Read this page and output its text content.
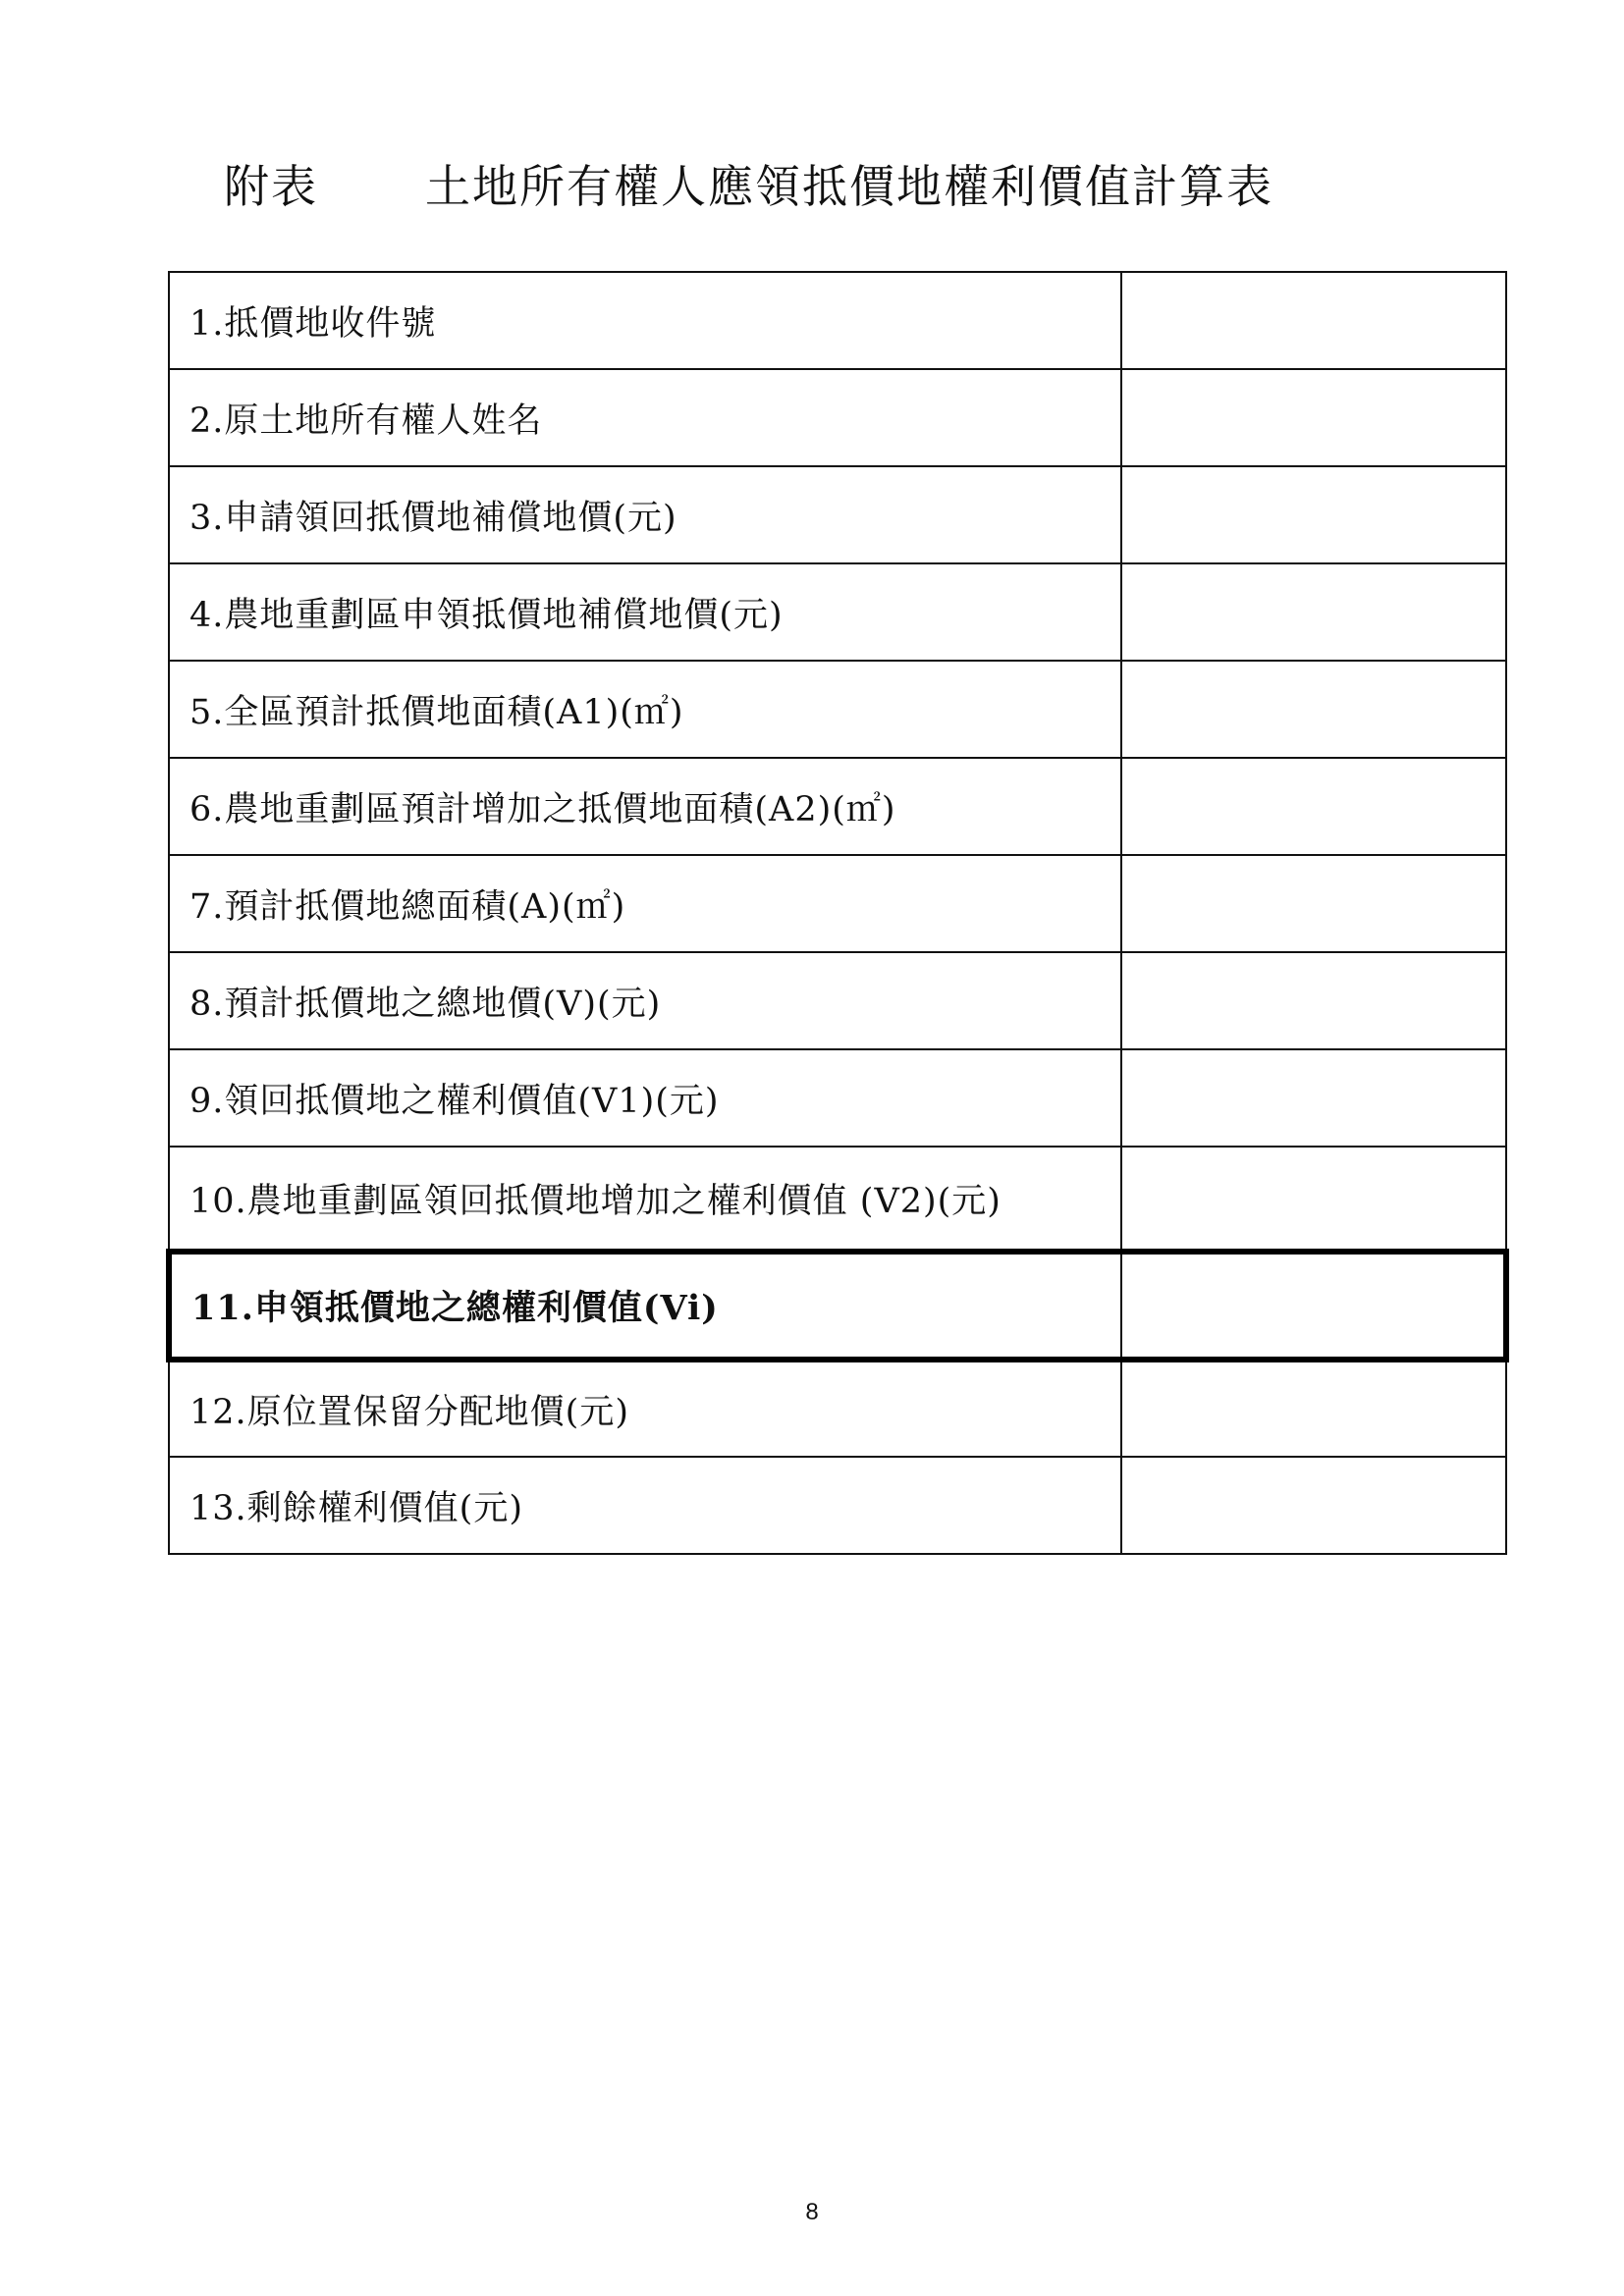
附表	土地所有權人應領抵價地權利價值計算表
1.抵價地收件號	
2.原土地所有權人姓名	
3.申請領回抵價地補償地價(元)	
4.農地重劃區申領抵價地補償地價(元)	
5.全區預計抵價地面積(A1)(㎡)	
6.農地重劃區預計增加之抵價地面積(A2)(㎡)	
7.預計抵價地總面積(A)(㎡)	
8.預計抵價地之總地價(V)(元)	
9.領回抵價地之權利價值(V1)(元)	
10.農地重劃區領回抵價地增加之權利價值 (V2)(元)	
11.申領抵價地之總權利價值(Vi)	
12.原位置保留分配地價(元)	
13.剩餘權利價值(元)	
8
